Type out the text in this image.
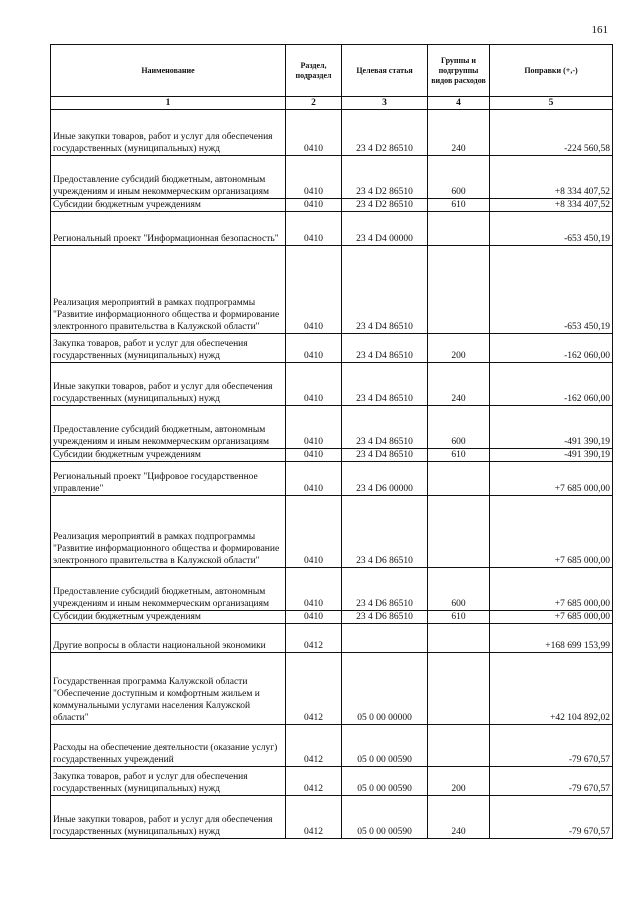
161
Наименование	Раздел, подраздел	Целевая статья	Группы и подгруппы видов расходов	Поправки (+,-)
1	2	3	4	5
Иные закупки товаров, работ и услуг для обеспечения государственных (муниципальных) нужд	0410	23 4 D2 86510	240	-224 560,58
Предоставление субсидий бюджетным, автономным учреждениям и иным некоммерческим организациям	0410	23 4 D2 86510	600	+8 334 407,52
Субсидии бюджетным учреждениям	0410	23 4 D2 86510	610	+8 334 407,52
Региональный проект "Информационная безопасность"	0410	23 4 D4 00000		-653 450,19
Реализация мероприятий в рамках подпрограммы "Развитие информационного общества и формирование электронного правительства в Калужской области"	0410	23 4 D4 86510		-653 450,19
Закупка товаров, работ и услуг для обеспечения государственных (муниципальных) нужд	0410	23 4 D4 86510	200	-162 060,00
Иные закупки товаров, работ и услуг для обеспечения государственных (муниципальных) нужд	0410	23 4 D4 86510	240	-162 060,00
Предоставление субсидий бюджетным, автономным учреждениям и иным некоммерческим организациям	0410	23 4 D4 86510	600	-491 390,19
Субсидии бюджетным учреждениям	0410	23 4 D4 86510	610	-491 390,19
Региональный проект "Цифровое государственное управление"	0410	23 4 D6 00000		+7 685 000,00
Реализация мероприятий в рамках подпрограммы "Развитие информационного общества и формирование электронного правительства в Калужской области"	0410	23 4 D6 86510		+7 685 000,00
Предоставление субсидий бюджетным, автономным учреждениям и иным некоммерческим организациям	0410	23 4 D6 86510	600	+7 685 000,00
Субсидии бюджетным учреждениям	0410	23 4 D6 86510	610	+7 685 000,00
Другие вопросы в области национальной экономики	0412			+168 699 153,99
Государственная программа Калужской области "Обеспечение доступным и комфортным жильем и коммунальными услугами населения Калужской области"	0412	05 0 00 00000		+42 104 892,02
Расходы на обеспечение деятельности (оказание услуг) государственных учреждений	0412	05 0 00 00590		-79 670,57
Закупка товаров, работ и услуг для обеспечения государственных (муниципальных) нужд	0412	05 0 00 00590	200	-79 670,57
Иные закупки товаров, работ и услуг для обеспечения государственных (муниципальных) нужд	0412	05 0 00 00590	240	-79 670,57
